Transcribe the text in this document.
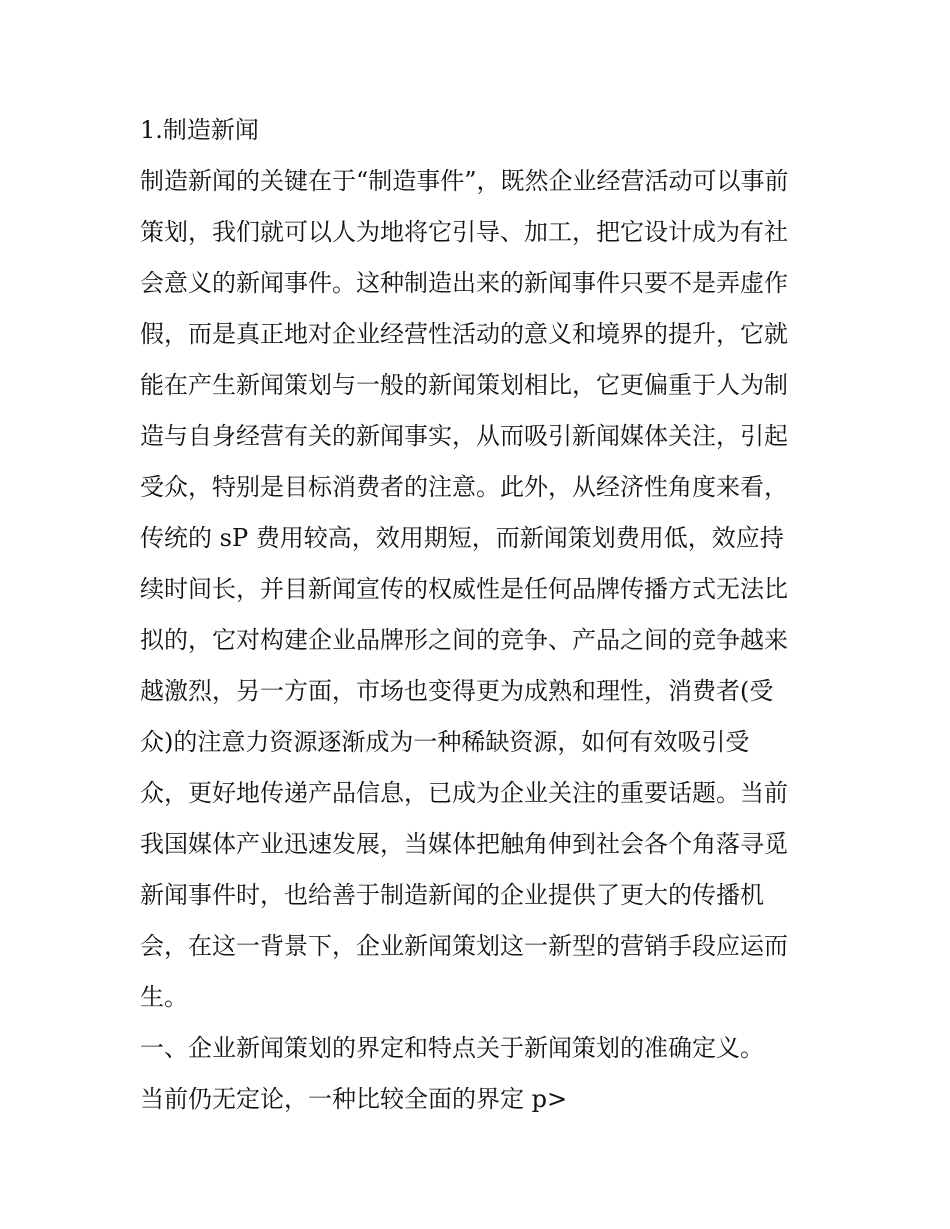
1.制造新闻
制造新闻的关键在于“制造事件”，既然企业经营活动可以事前
策划，我们就可以人为地将它引导、加工，把它设计成为有社
会意义的新闻事件。这种制造出来的新闻事件只要不是弄虚作
假，而是真正地对企业经营性活动的意义和境界的提升，它就
能在产生新闻策划与一般的新闻策划相比，它更偏重于人为制
造与自身经营有关的新闻事实，从而吸引新闻媒体关注，引起
受众，特别是目标消费者的注意。此外，从经济性角度来看，
传统的 sP 费用较高，效用期短，而新闻策划费用低，效应持
续时间长，并目新闻宣传的权威性是任何品牌传播方式无法比
拟的，它对构建企业品牌形之间的竞争、产品之间的竞争越来
越激烈，另一方面，市场也变得更为成熟和理性，消费者(受
众)的注意力资源逐渐成为一种稀缺资源，如何有效吸引受
众，更好地传递产品信息，已成为企业关注的重要话题。当前
我国媒体产业迅速发展，当媒体把触角伸到社会各个角落寻觅
新闻事件时，也给善于制造新闻的企业提供了更大的传播机
会，在这一背景下，企业新闻策划这一新型的营销手段应运而
生。
一、企业新闻策划的界定和特点关于新闻策划的准确定义。
当前仍无定论，一种比较全面的界定 p>
